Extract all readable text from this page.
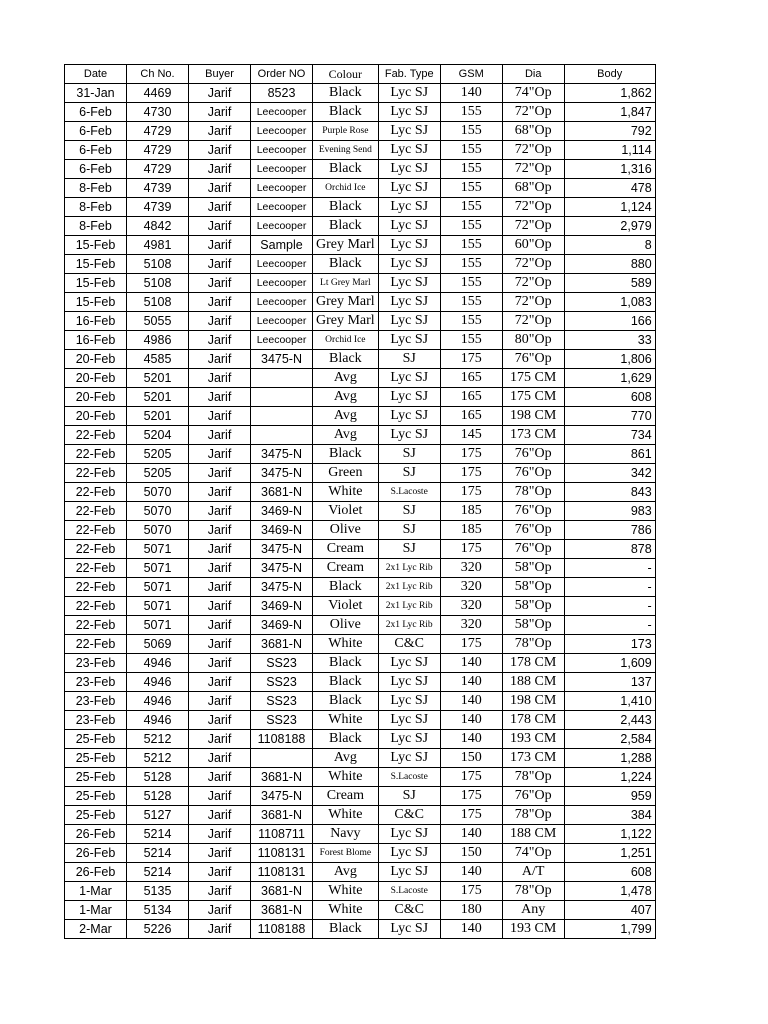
Date	Ch No.	Buyer	Order NO	Colour	Fab. Type	GSM	Dia	Body
31-Jan	4469	Jarif	8523	Black	Lyc SJ	140	74"Op	1,862
6-Feb	4730	Jarif	Leecooper	Black	Lyc SJ	155	72"Op	1,847
6-Feb	4729	Jarif	Leecooper	Purple Rose	Lyc SJ	155	68"Op	792
6-Feb	4729	Jarif	Leecooper	Evening Send	Lyc SJ	155	72"Op	1,114
6-Feb	4729	Jarif	Leecooper	Black	Lyc SJ	155	72"Op	1,316
8-Feb	4739	Jarif	Leecooper	Orchid Ice	Lyc SJ	155	68"Op	478
8-Feb	4739	Jarif	Leecooper	Black	Lyc SJ	155	72"Op	1,124
8-Feb	4842	Jarif	Leecooper	Black	Lyc SJ	155	72"Op	2,979
15-Feb	4981	Jarif	Sample	Grey Marl	Lyc SJ	155	60"Op	8
15-Feb	5108	Jarif	Leecooper	Black	Lyc SJ	155	72"Op	880
15-Feb	5108	Jarif	Leecooper	Lt Grey Marl	Lyc SJ	155	72"Op	589
15-Feb	5108	Jarif	Leecooper	Grey Marl	Lyc SJ	155	72"Op	1,083
16-Feb	5055	Jarif	Leecooper	Grey Marl	Lyc SJ	155	72"Op	166
16-Feb	4986	Jarif	Leecooper	Orchid Ice	Lyc SJ	155	80"Op	33
20-Feb	4585	Jarif	3475-N	Black	SJ	175	76"Op	1,806
20-Feb	5201	Jarif		Avg	Lyc SJ	165	175 CM	1,629
20-Feb	5201	Jarif		Avg	Lyc SJ	165	175 CM	608
20-Feb	5201	Jarif		Avg	Lyc SJ	165	198 CM	770
22-Feb	5204	Jarif		Avg	Lyc SJ	145	173 CM	734
22-Feb	5205	Jarif	3475-N	Black	SJ	175	76"Op	861
22-Feb	5205	Jarif	3475-N	Green	SJ	175	76"Op	342
22-Feb	5070	Jarif	3681-N	White	S.Lacoste	175	78"Op	843
22-Feb	5070	Jarif	3469-N	Violet	SJ	185	76"Op	983
22-Feb	5070	Jarif	3469-N	Olive	SJ	185	76"Op	786
22-Feb	5071	Jarif	3475-N	Cream	SJ	175	76"Op	878
22-Feb	5071	Jarif	3475-N	Cream	2x1 Lyc Rib	320	58"Op	-
22-Feb	5071	Jarif	3475-N	Black	2x1 Lyc Rib	320	58"Op	-
22-Feb	5071	Jarif	3469-N	Violet	2x1 Lyc Rib	320	58"Op	-
22-Feb	5071	Jarif	3469-N	Olive	2x1 Lyc Rib	320	58"Op	-
22-Feb	5069	Jarif	3681-N	White	C&C	175	78"Op	173
23-Feb	4946	Jarif	SS23	Black	Lyc SJ	140	178 CM	1,609
23-Feb	4946	Jarif	SS23	Black	Lyc SJ	140	188 CM	137
23-Feb	4946	Jarif	SS23	Black	Lyc SJ	140	198 CM	1,410
23-Feb	4946	Jarif	SS23	White	Lyc SJ	140	178 CM	2,443
25-Feb	5212	Jarif	1108188	Black	Lyc SJ	140	193 CM	2,584
25-Feb	5212	Jarif		Avg	Lyc SJ	150	173 CM	1,288
25-Feb	5128	Jarif	3681-N	White	S.Lacoste	175	78"Op	1,224
25-Feb	5128	Jarif	3475-N	Cream	SJ	175	76"Op	959
25-Feb	5127	Jarif	3681-N	White	C&C	175	78"Op	384
26-Feb	5214	Jarif	1108711	Navy	Lyc SJ	140	188 CM	1,122
26-Feb	5214	Jarif	1108131	Forest Blome	Lyc SJ	150	74"Op	1,251
26-Feb	5214	Jarif	1108131	Avg	Lyc SJ	140	A/T	608
1-Mar	5135	Jarif	3681-N	White	S.Lacoste	175	78"Op	1,478
1-Mar	5134	Jarif	3681-N	White	C&C	180	Any	407
2-Mar	5226	Jarif	1108188	Black	Lyc SJ	140	193 CM	1,799
